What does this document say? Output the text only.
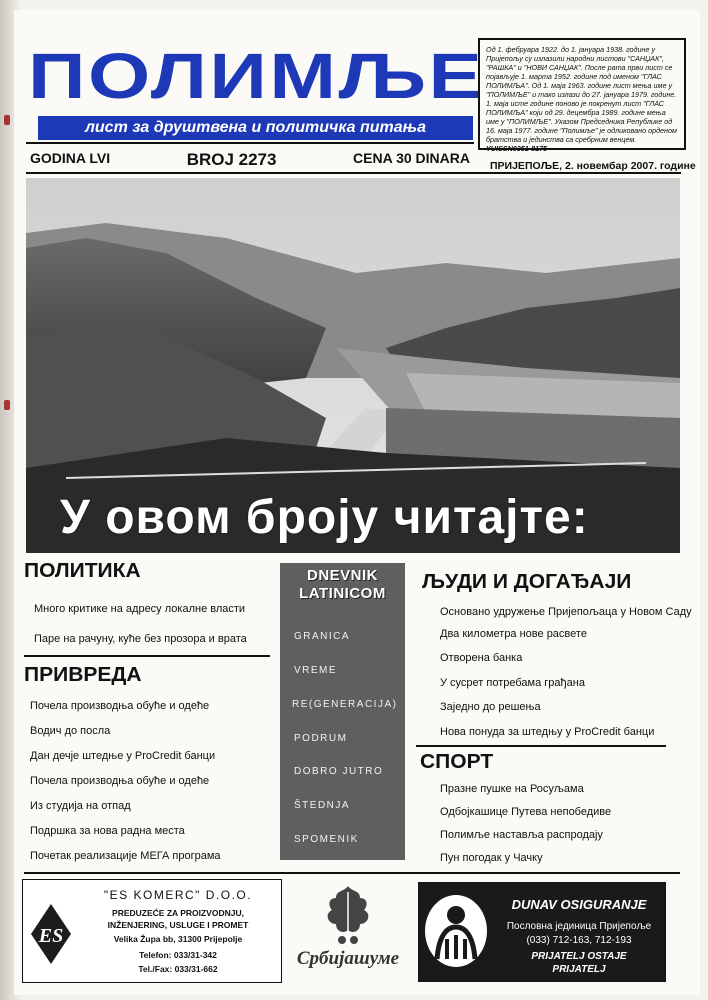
ПОЛИМЉЕ
лист за друштвена и политичка питања
GODINA LVI	BROJ 2273	CENA 30 DINARA
Од 1. фебруара 1922. до 1. јануара 1938. године у Пријепољу су излазили народни листови "САНЏАК", "РАШКА" и "НОВИ САНЏАК". После рата први лист се појављује 1. марта 1952. године под именом "ГЛАС ПОЛИМЉА". Од 1. маја 1963. године лист мења име у "ПОЛИМЉЕ" и тако излази до 27. јануара 1979. године. 1. маја исте године поново је покренут лист "ГЛАС ПОЛИМЉА" који од 29. децембра 1989. године мења име у "ПОЛИМЉЕ". Указом Председника Републике од 16. маја 1977. године "Полимље" је одликовано орденом братства и јединства са сребрним венцем. YUISSN0351-8175
ПРИЈЕПОЉЕ, 2. новембар 2007. године
У овом броју читајте:
ПОЛИТИКА
Много критике на адресу локалне власти
Паре на рачуну, куће без прозора и врата
ПРИВРЕДА
Почела производња обуће и одеће
Водич до посла
Дан дечје штедње у ProCredit банци
Почела производња обуће и одеће
Из студија на отпад
Подршка за нова радна места
Почетак реализације МЕГА програма
DNEVNIK
LATINICOM
GRANICA
VREME
RE(GENERACIJA)
PODRUM
DOBRO JUTRO
ŠTEDNJA
SPOMENIK
ЉУДИ И ДОГАЂАЈИ
Основано удружење Пријепољаца у Новом Саду
Два километра нове расвете
Отворена банка
У сусрет потребама грађана
Заједно до решења
Нова понуда за штедњу у ProCredit банци
СПОРТ
Празне пушке на Росуљама
Одбојкашице Путева непобедиве
Полимље наставља распродају
Пун погодак у Чачку
ES
"ES KOMERC" D.O.O.
PREDUZEĆE ZA PROIZVODNJU,
INŽENJERING, USLUGE I PROMET
Velika Župa bb, 31300 Prijepolje
Telefon: 033/31-342
Tel./Fax: 033/31-662	Србијашуме
DUNAV OSIGURANJE
Пословна јединица Пријепоље
(033) 712-163, 712-193
PRIJATELJ OSTAJE
PRIJATELJ
